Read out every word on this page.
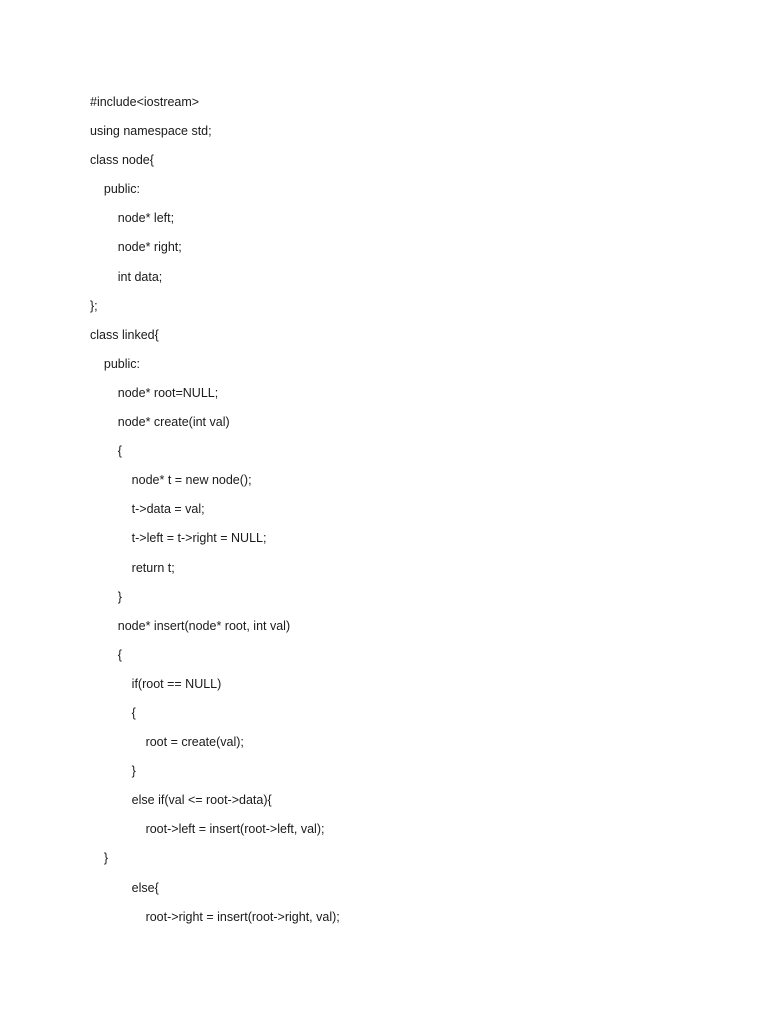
#include<iostream>
using namespace std;
class node{
public:
node* left;
node* right;
int data;
};
class linked{
public:
node* root=NULL;
node* create(int val)
{
node* t = new node();
t->data = val;
t->left = t->right = NULL;
return t;
}
node* insert(node* root, int val)
{
if(root == NULL)
{
root = create(val);
}
else if(val <= root->data){
root->left = insert(root->left, val);
}
else{
root->right = insert(root->right, val);
